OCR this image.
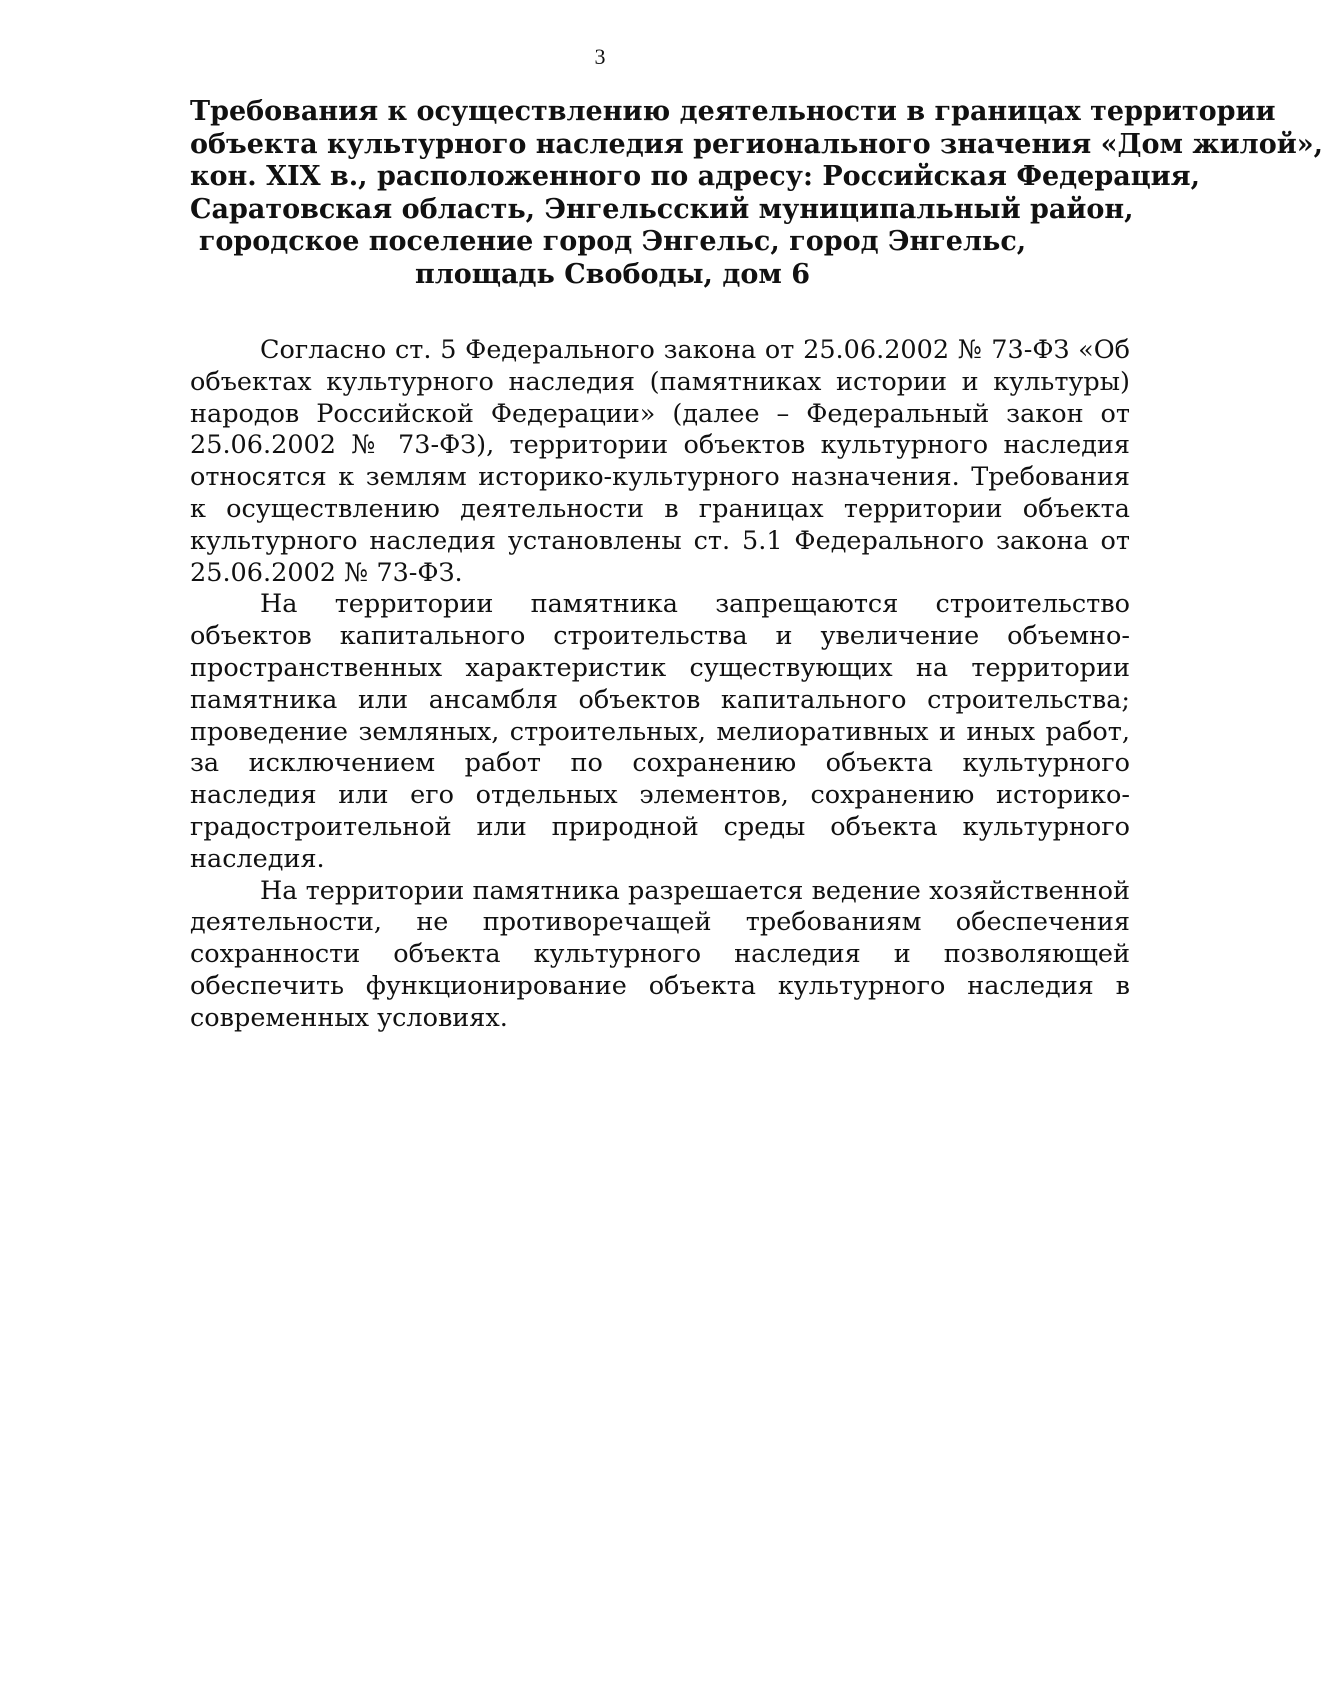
3
Требования к осуществлению деятельности в границах территории
объекта культурного наследия регионального значения «Дом жилой»,
кон. XIX в., расположенного по адресу: Российская Федерация,
Саратовская область, Энгельсский муниципальный район,
городское поселение город Энгельс, город Энгельс,
площадь Свободы, дом 6

Согласно ст. 5 Федерального закона от 25.06.2002 № 73-ФЗ «Об объектах культурного наследия (памятниках истории и культуры) народов Российской Федерации» (далее – Федеральный закон от 25.06.2002 № 73-ФЗ), территории объектов культурного наследия относятся к землям историко-культурного назначения. Требования к осуществлению деятельности в границах территории объекта культурного наследия установлены ст. 5.1 Федерального закона от 25.06.2002 № 73-ФЗ.

На территории памятника запрещаются строительство объектов капитального строительства и увеличение объемно-пространственных характеристик существующих на территории памятника или ансамбля объектов капитального строительства; проведение земляных, строительных, мелиоративных и иных работ, за исключением работ по сохранению объекта культурного наследия или его отдельных элементов, сохранению историко-градостроительной или природной среды объекта культурного наследия.

На территории памятника разрешается ведение хозяйственной деятельности, не противоречащей требованиям обеспечения сохранности объекта культурного наследия и позволяющей обеспечить функционирование объекта культурного наследия в современных условиях.
